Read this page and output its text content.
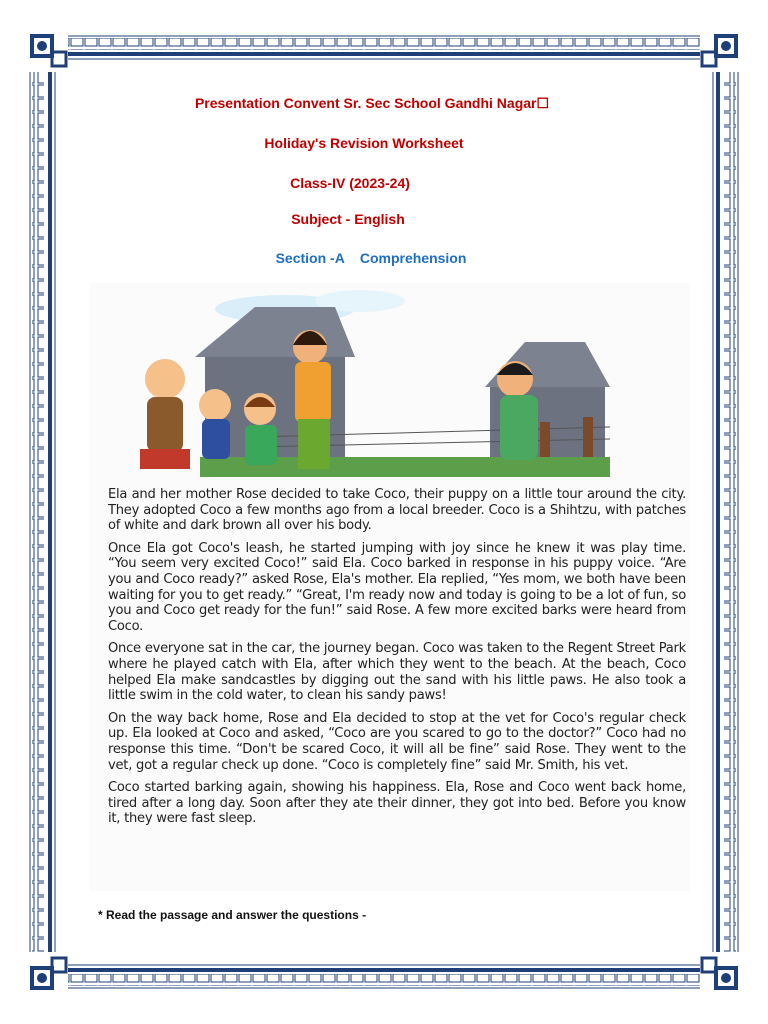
Presentation Convent Sr. Sec School Gandhi Nagar☐
Holiday's Revision Worksheet
Class-IV (2023-24)
Subject - English
Section -A    Comprehension

Ela and her mother Rose decided to take Coco, their puppy on a little tour around the city. They adopted Coco a few months ago from a local breeder. Coco is a Shihtzu, with patches of white and dark brown all over his body.

Once Ela got Coco's leash, he started jumping with joy since he knew it was play time. “You seem very excited Coco!” said Ela. Coco barked in response in his puppy voice. “Are you and Coco ready?” asked Rose, Ela's mother. Ela replied, “Yes mom, we both have been waiting for you to get ready.” “Great, I'm ready now and today is going to be a lot of fun, so you and Coco get ready for the fun!” said Rose. A few more excited barks were heard from Coco.

Once everyone sat in the car, the journey began. Coco was taken to the Regent Street Park where he played catch with Ela, after which they went to the beach. At the beach, Coco helped Ela make sandcastles by digging out the sand with his little paws. He also took a little swim in the cold water, to clean his sandy paws!

On the way back home, Rose and Ela decided to stop at the vet for Coco's regular check up. Ela looked at Coco and asked, “Coco are you scared to go to the doctor?” Coco had no response this time. “Don't be scared Coco, it will all be fine” said Rose. They went to the vet, got a regular check up done. “Coco is completely fine” said Mr. Smith, his vet.

Coco started barking again, showing his happiness. Ela, Rose and Coco went back home, tired after a long day. Soon after they ate their dinner, they got into bed. Before you know it, they were fast sleep.

* Read the passage and answer the questions -
